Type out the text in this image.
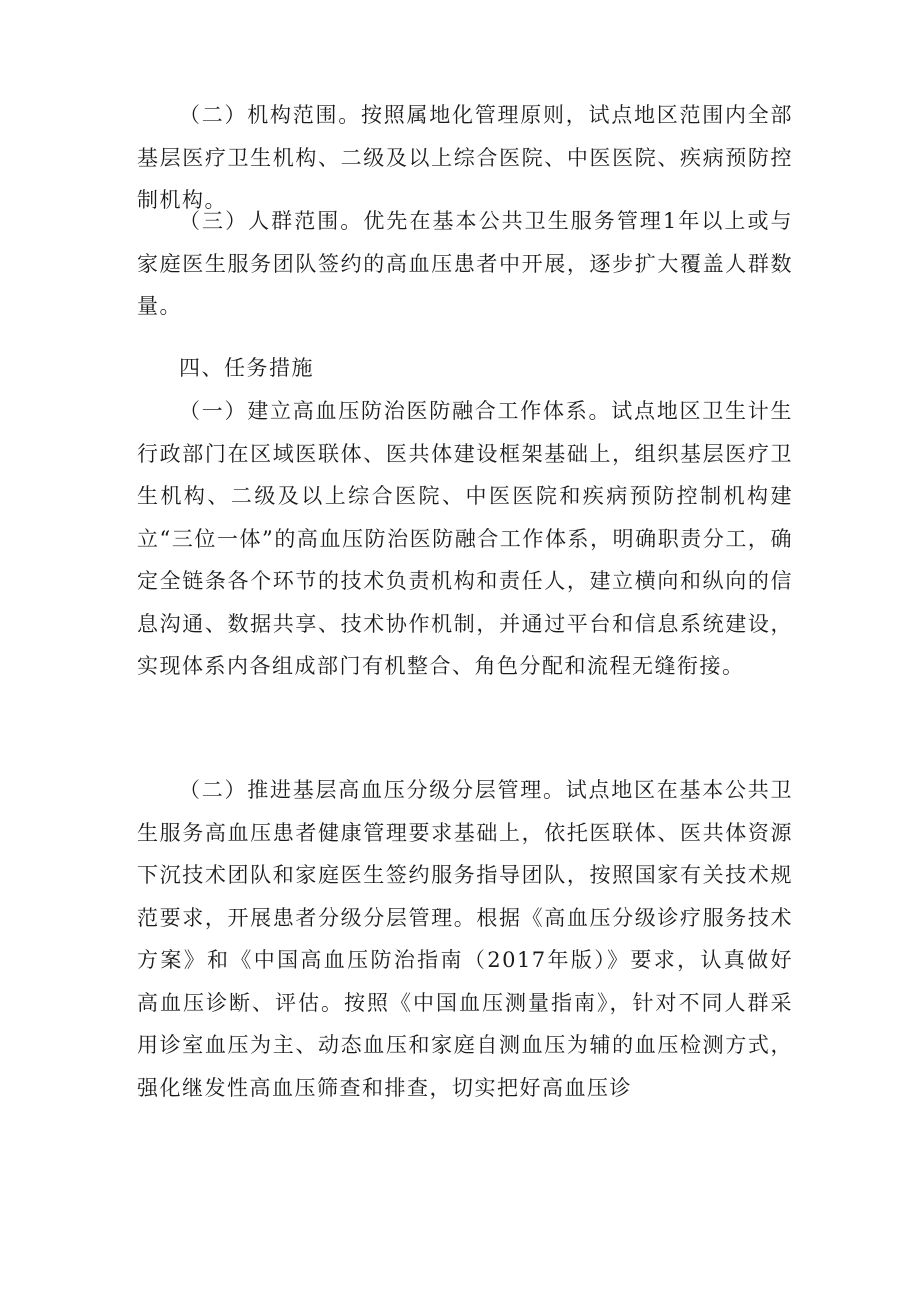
（二）机构范围。按照属地化管理原则，试点地区范围内全部基层医疗卫生机构、二级及以上综合医院、中医医院、疾病预防控制机构。

（三）人群范围。优先在基本公共卫生服务管理1年以上或与家庭医生服务团队签约的高血压患者中开展，逐步扩大覆盖人群数量。

四、任务措施

（一）建立高血压防治医防融合工作体系。试点地区卫生计生行政部门在区域医联体、医共体建设框架基础上，组织基层医疗卫生机构、二级及以上综合医院、中医医院和疾病预防控制机构建立“三位一体”的高血压防治医防融合工作体系，明确职责分工，确定全链条各个环节的技术负责机构和责任人，建立横向和纵向的信息沟通、数据共享、技术协作机制，并通过平台和信息系统建设，实现体系内各组成部门有机整合、角色分配和流程无缝衔接。

（二）推进基层高血压分级分层管理。试点地区在基本公共卫生服务高血压患者健康管理要求基础上，依托医联体、医共体资源下沉技术团队和家庭医生签约服务指导团队，按照国家有关技术规范要求，开展患者分级分层管理。根据《高血压分级诊疗服务技术方案》和《中国高血压防治指南（2017年版）》要求，认真做好高血压诊断、评估。按照《中国血压测量指南》，针对不同人群采用诊室血压为主、动态血压和家庭自测血压为辅的血压检测方式，强化继发性高血压筛查和排查，切实把好高血压诊
